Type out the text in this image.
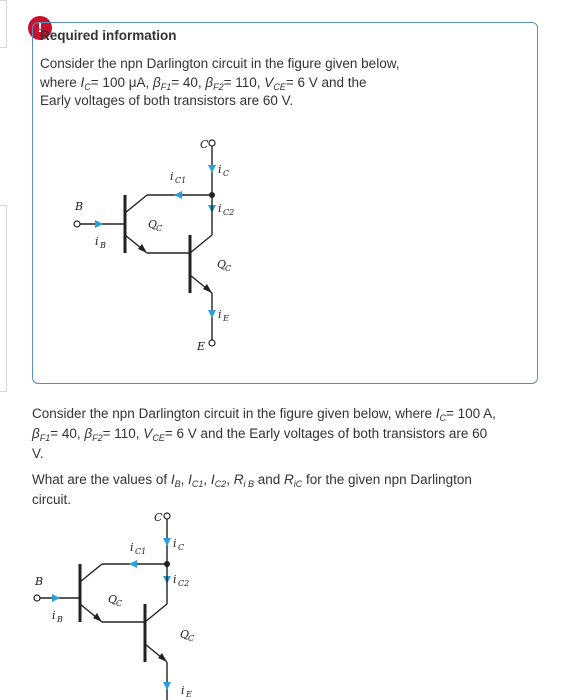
!
Required information
Consider the npn Darlington circuit in the figure given below,
where $I_C= 100$ μA, $\beta_{F1}= 40$, $\beta_{F2}= 110$, $V_{CE}= 6$ V and the
Early voltages of both transistors are 60 V.
C
i C
i C2
i C1
Q
C
B
i B
Q
C
i E
E

Consider the npn Darlington circuit in the figure given below, where $I_C= 100$ A,

$\beta_{F1}= 40$, $\beta_{F2}= 110$, $V_{CE}= 6$ V and the Early voltages of both transistors are 60

V.

What are the values of $I_B$, $I_{C1}$, $I_{C2}$, $R_{i B}$ and $R_{iC}$ for the given npn Darlington
circuit.
C
i C
i C2
i C1
Q
C
B
i B
Q
C
i E
